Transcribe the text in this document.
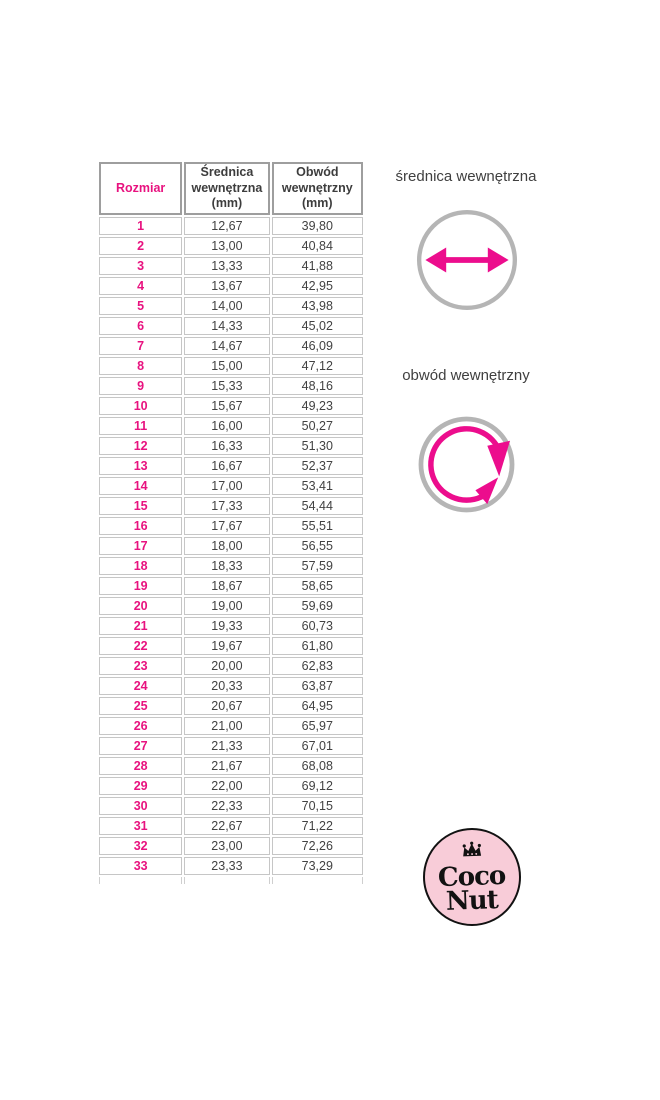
Rozmiar	Średnica wewnętrzna (mm)	Obwód wewnętrzny (mm)
1	12,67	39,80
2	13,00	40,84
3	13,33	41,88
4	13,67	42,95
5	14,00	43,98
6	14,33	45,02
7	14,67	46,09
8	15,00	47,12
9	15,33	48,16
10	15,67	49,23
11	16,00	50,27
12	16,33	51,30
13	16,67	52,37
14	17,00	53,41
15	17,33	54,44
16	17,67	55,51
17	18,00	56,55
18	18,33	57,59
19	18,67	58,65
20	19,00	59,69
21	19,33	60,73
22	19,67	61,80
23	20,00	62,83
24	20,33	63,87
25	20,67	64,95
26	21,00	65,97
27	21,33	67,01
28	21,67	68,08
29	22,00	69,12
30	22,33	70,15
31	22,67	71,22
32	23,00	72,26
33	23,33	73,29

średnica wewnętrzna
obwód wewnętrzny
Coco
Nut
